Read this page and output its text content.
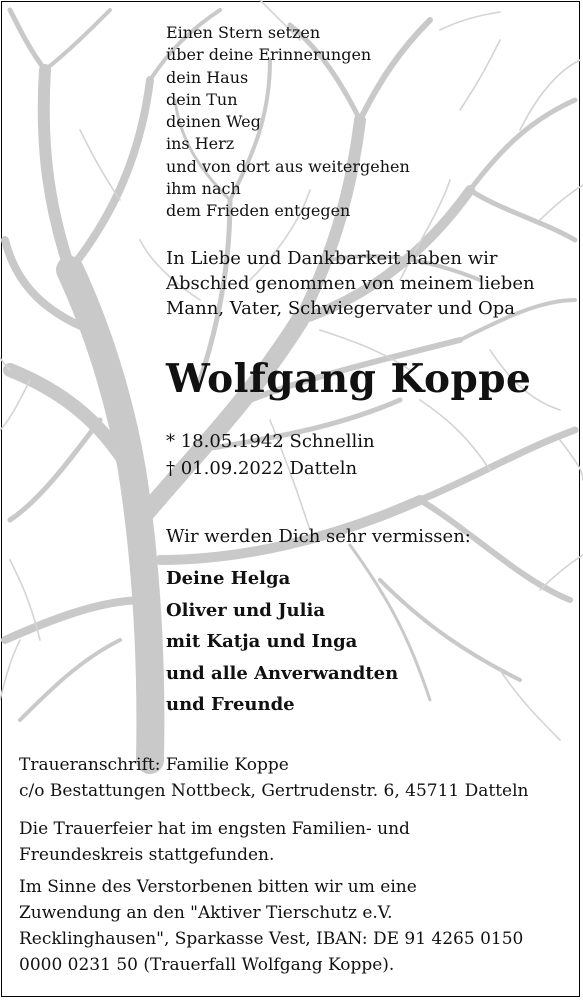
Einen Stern setzen
über deine Erinnerungen
dein Haus
dein Tun
deinen Weg
ins Herz
und von dort aus weitergehen
ihm nach
dem Frieden entgegen
In Liebe und Dankbarkeit haben wir
Abschied genommen von meinem lieben
Mann, Vater, Schwiegervater und Opa
Wolfgang Koppe
* 18.05.1942 Schnellin
† 01.09.2022 Datteln
Wir werden Dich sehr vermissen:
Deine Helga
Oliver und Julia
mit Katja und Inga
und alle Anverwandten
und Freunde
Traueranschrift: Familie Koppe
c/o Bestattungen Nottbeck, Gertrudenstr. 6, 45711 Datteln
Die Trauerfeier hat im engsten Familien- und
Freundeskreis stattgefunden.
Im Sinne des Verstorbenen bitten wir um eine
Zuwendung an den "Aktiver Tierschutz e.V.
Recklinghausen", Sparkasse Vest, IBAN: DE 91 4265 0150
0000 0231 50 (Trauerfall Wolfgang Koppe).
